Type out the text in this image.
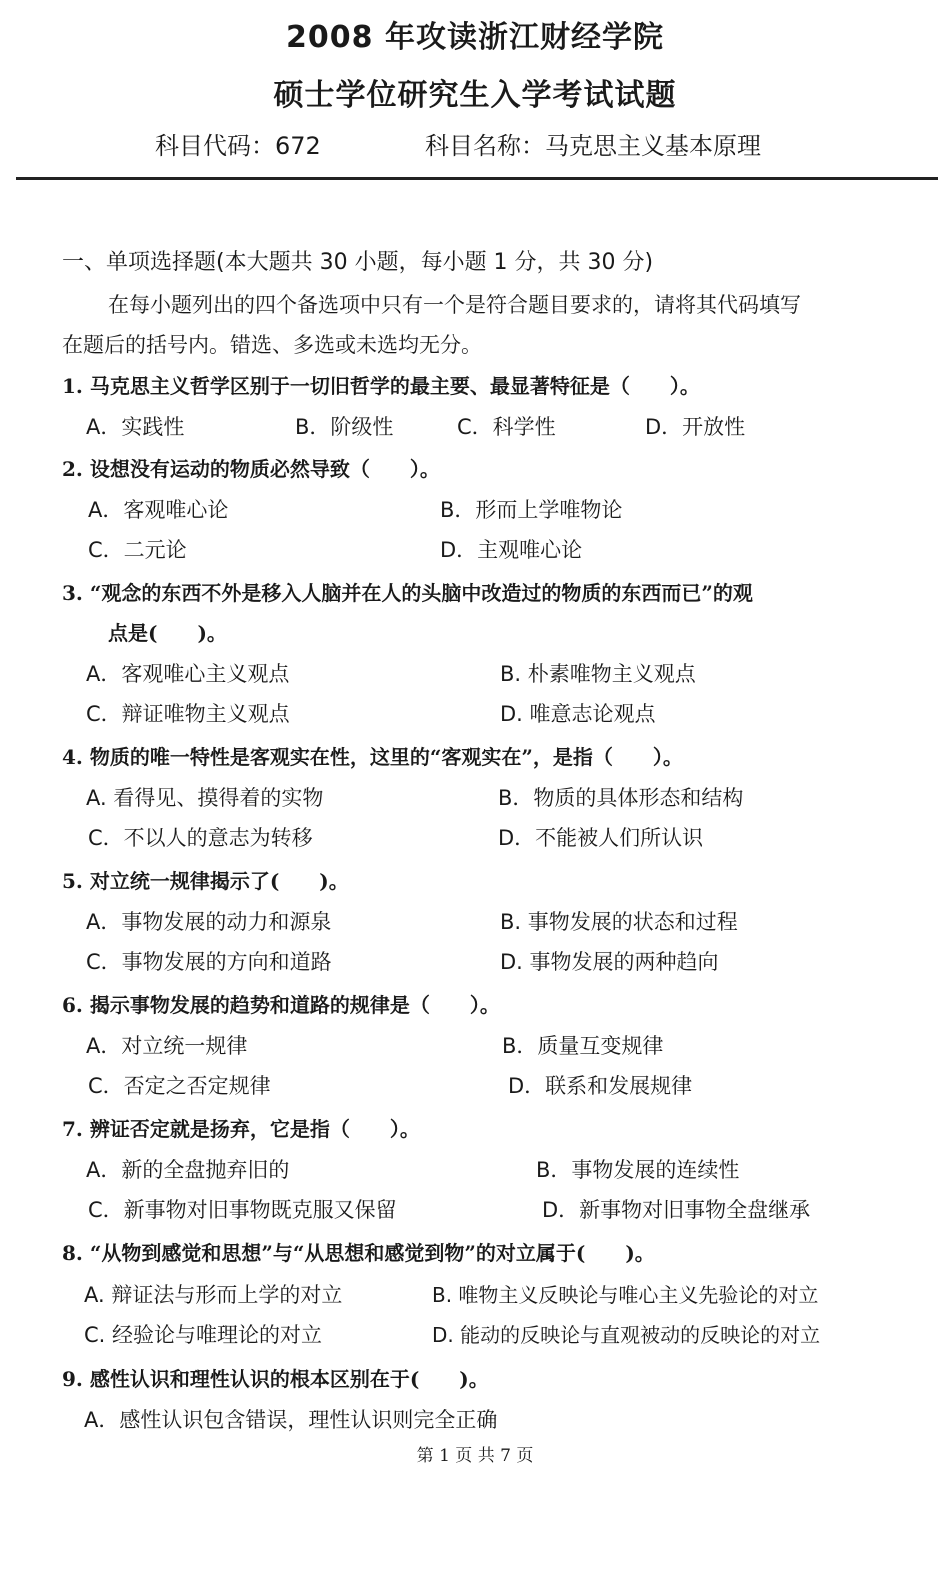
2008 年攻读浙江财经学院
硕士学位研究生入学考试试题
科目代码：672	科目名称：马克思主义基本原理
一、单项选择题(本大题共 30 小题，每小题 1 分，共 30 分)
在每小题列出的四个备选项中只有一个是符合题目要求的，请将其代码填写
在题后的括号内。错选、多选或未选均无分。
1. 马克思主义哲学区别于一切旧哲学的最主要、最显著特征是（　　）。
A．实践性	B．阶级性	C．科学性	D．开放性
2. 设想没有运动的物质必然导致（　　）。
A．客观唯心论	B．形而上学唯物论
C．二元论	D．主观唯心论
3. “观念的东西不外是移入人脑并在人的头脑中改造过的物质的东西而已”的观
点是(　　)。
A．客观唯心主义观点	B. 朴素唯物主义观点
C．辩证唯物主义观点	D. 唯意志论观点
4. 物质的唯一特性是客观实在性，这里的“客观实在”，是指（　　）。
A. 看得见、摸得着的实物	B．物质的具体形态和结构
C．不以人的意志为转移	D．不能被人们所认识
5. 对立统一规律揭示了(　　)。
A．事物发展的动力和源泉	B. 事物发展的状态和过程
C．事物发展的方向和道路	D. 事物发展的两种趋向
6. 揭示事物发展的趋势和道路的规律是（　　）。
A．对立统一规律	B．质量互变规律
C．否定之否定规律	D．联系和发展规律
7. 辨证否定就是扬弃，它是指（　　）。
A．新的全盘抛弃旧的	B．事物发展的连续性
C．新事物对旧事物既克服又保留	D．新事物对旧事物全盘继承
8. “从物到感觉和思想”与“从思想和感觉到物”的对立属于(　　)。
A. 辩证法与形而上学的对立	B. 唯物主义反映论与唯心主义先验论的对立
C. 经验论与唯理论的对立	D. 能动的反映论与直观被动的反映论的对立
9. 感性认识和理性认识的根本区别在于(　　)。
A．感性认识包含错误，理性认识则完全正确
第 1 页 共 7 页
